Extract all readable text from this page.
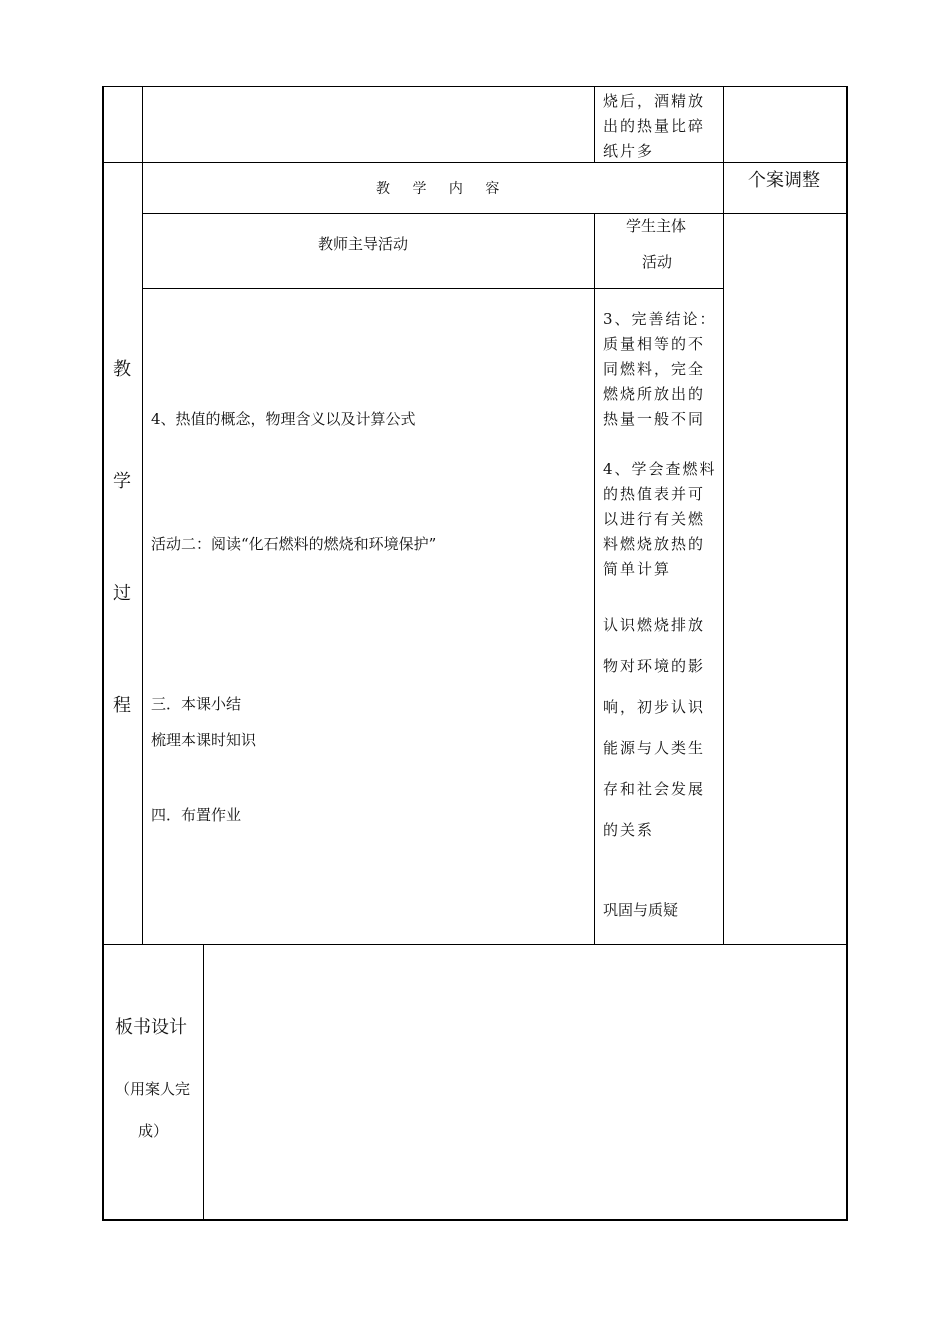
烧后，酒精放
出的热量比碎
纸片多
教
学
过
程
教 学 内 容	个案调整
教师主导活动
学生主体
活动
4、热值的概念，物理含义以及计算公式
活动二：阅读“化石燃料的燃烧和环境保护”
三．本课小结
梳理本课时知识
四．布置作业
3、完善结论：
质量相等的不
同燃料，完全
燃烧所放出的
热量一般不同
4、学会查燃料
的热值表并可
以进行有关燃
料燃烧放热的
简单计算
认识燃烧排放
物对环境的影
响，初步认识
能源与人类生
存和社会发展
的关系
巩固与质疑
板书设计
（用案人完
成）
